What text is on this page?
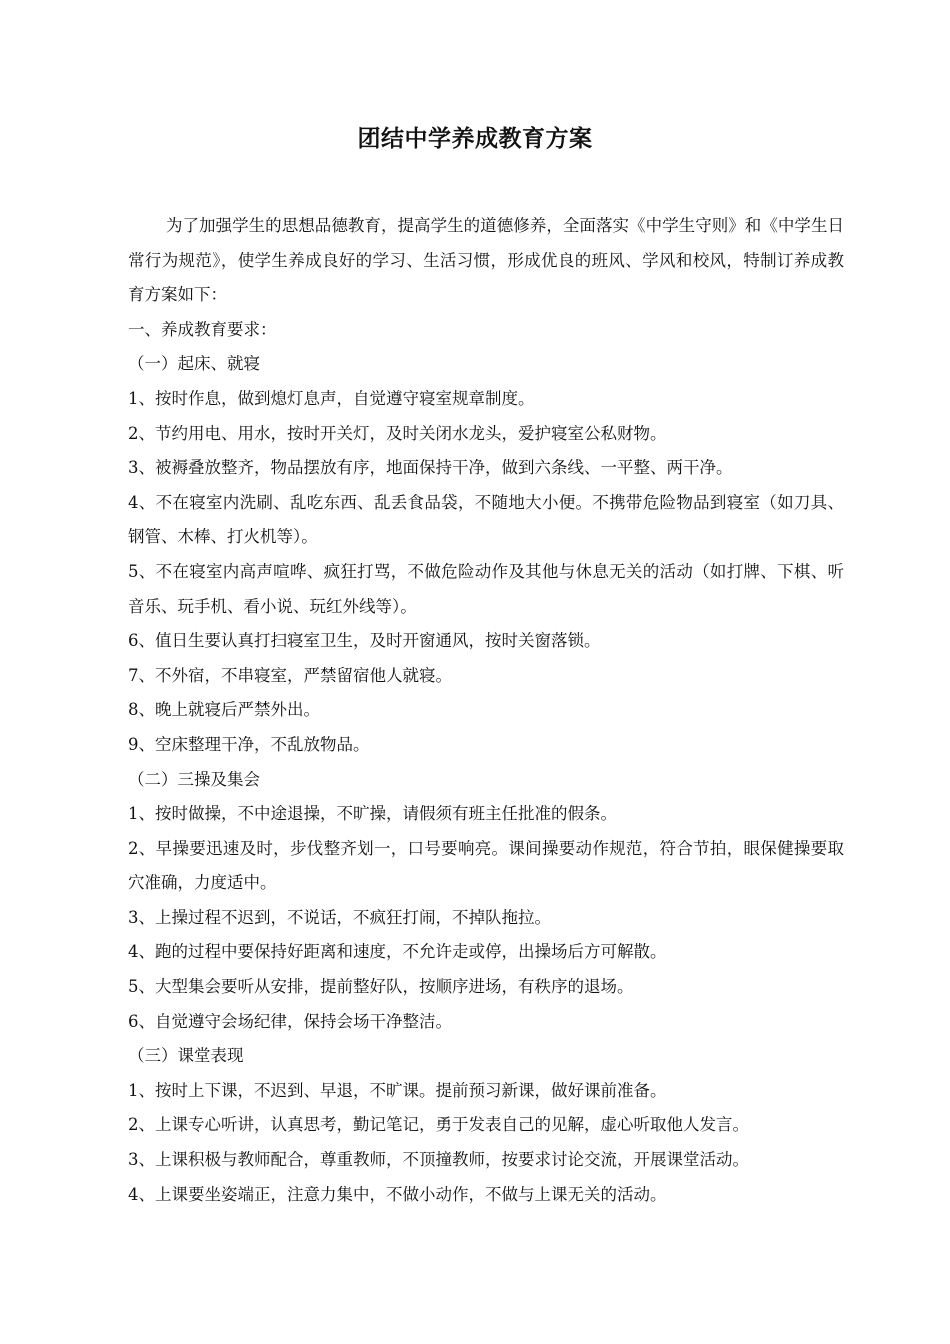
团结中学养成教育方案

为了加强学生的思想品德教育，提高学生的道德修养，全面落实《中学生守则》和《中学生日常行为规范》，使学生养成良好的学习、生活习惯，形成优良的班风、学风和校风，特制订养成教育方案如下：

一、养成教育要求：

（一）起床、就寝

1、按时作息，做到熄灯息声，自觉遵守寝室规章制度。

2、节约用电、用水，按时开关灯，及时关闭水龙头，爱护寝室公私财物。

3、被褥叠放整齐，物品摆放有序，地面保持干净，做到六条线、一平整、两干净。

4、不在寝室内洗刷、乱吃东西、乱丢食品袋，不随地大小便。不携带危险物品到寝室（如刀具、钢管、木棒、打火机等）。

5、不在寝室内高声喧哗、疯狂打骂，不做危险动作及其他与休息无关的活动（如打牌、下棋、听音乐、玩手机、看小说、玩红外线等）。

6、值日生要认真打扫寝室卫生，及时开窗通风，按时关窗落锁。

7、不外宿，不串寝室，严禁留宿他人就寝。

8、晚上就寝后严禁外出。

9、空床整理干净，不乱放物品。

（二）三操及集会

1、按时做操，不中途退操，不旷操，请假须有班主任批准的假条。

2、早操要迅速及时，步伐整齐划一，口号要响亮。课间操要动作规范，符合节拍，眼保健操要取穴准确，力度适中。

3、上操过程不迟到，不说话，不疯狂打闹，不掉队拖拉。

4、跑的过程中要保持好距离和速度，不允许走或停，出操场后方可解散。

5、大型集会要听从安排，提前整好队，按顺序进场，有秩序的退场。

6、自觉遵守会场纪律，保持会场干净整洁。

（三）课堂表现

1、按时上下课，不迟到、早退，不旷课。提前预习新课，做好课前准备。

2、上课专心听讲，认真思考，勤记笔记，勇于发表自己的见解，虚心听取他人发言。

3、上课积极与教师配合，尊重教师，不顶撞教师，按要求讨论交流，开展课堂活动。

4、上课要坐姿端正，注意力集中，不做小动作，不做与上课无关的活动。
